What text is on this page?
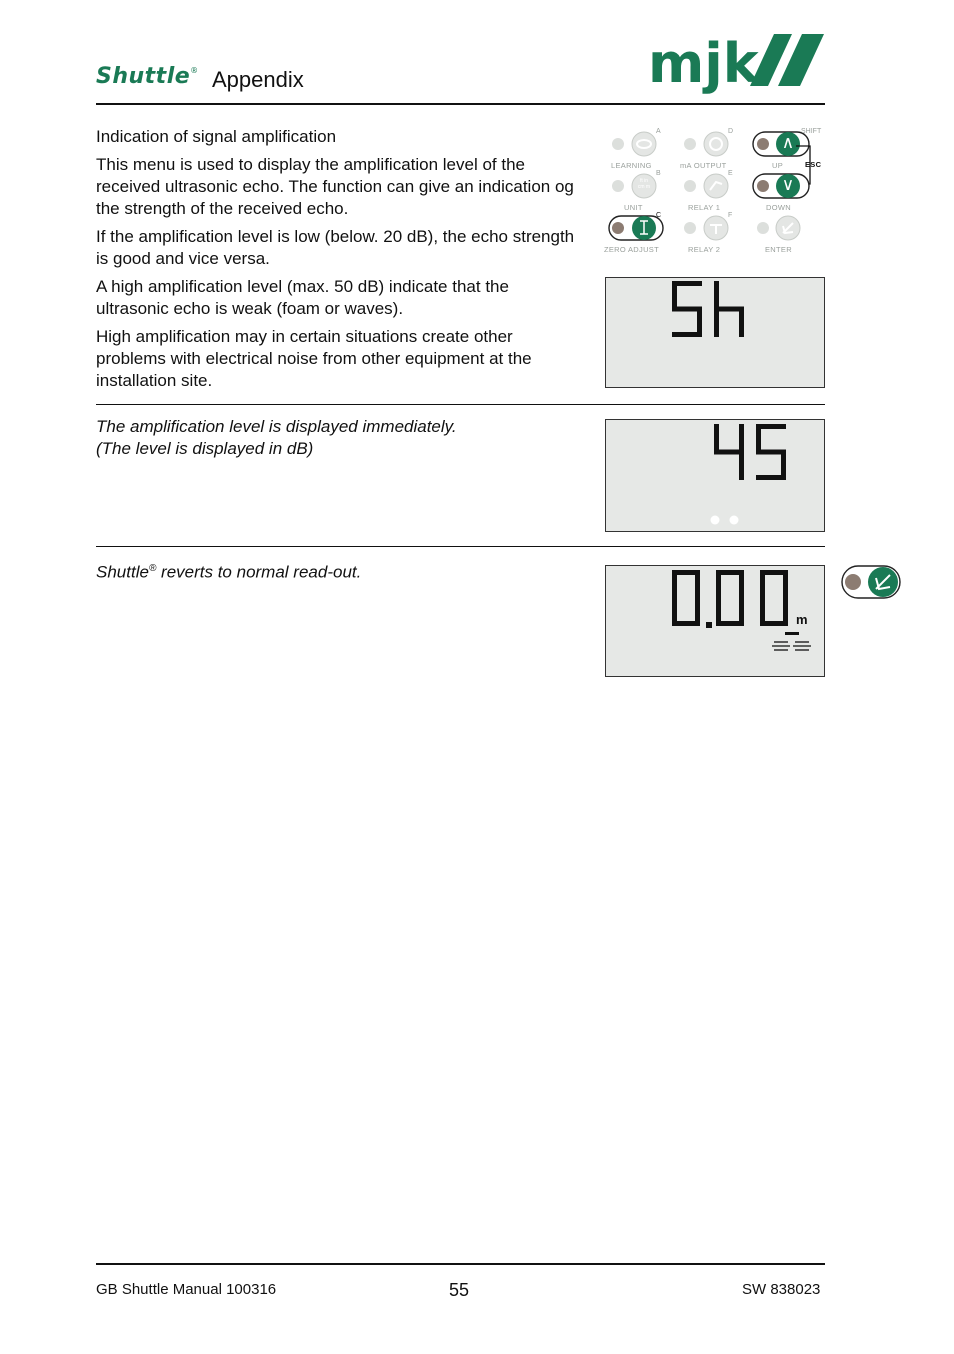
Shuttle® Appendix	mjk
Indication of signal amplification
This menu is used to display the amplification level of the received ultrasonic echo. The function can give an indication og the strength of the received echo.
If the amplification level is low (below. 20 dB), the echo strength is good and vice versa.
A high amplification level (max. 50 dB) indicate that the ultrasonic echo is weak (foam or waves).
High amplification may in certain situations create other problems with electrical noise from other equipment at the installation site.
LEARNING
A
mA OUTPUT
D
∧
UP
SHIFT
ESC
ft in
cm m
UNIT
B
RELAY 1
E
∨
DOWN
ZERO ADJUST
C
RELAY 2
F
ENTER
The amplification level is displayed immediately.
(The level is displayed in dB)
Shuttle® reverts to normal read-out.
m
GB Shuttle Manual 100316	55	SW 838023
